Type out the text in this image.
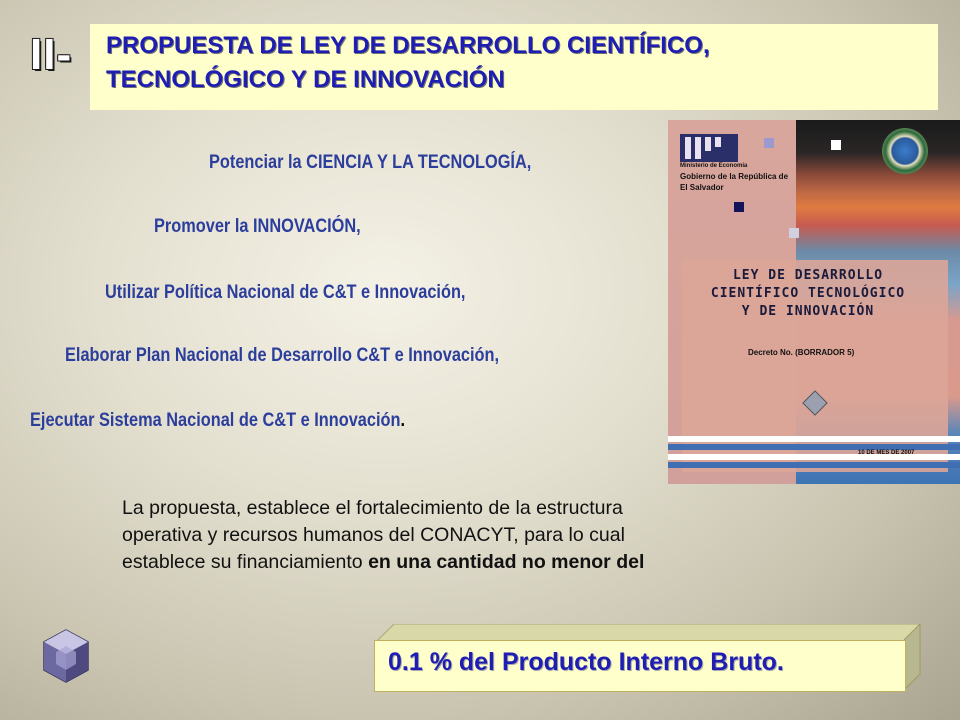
II- PROPUESTA DE LEY DE DESARROLLO CIENTÍFICO,
TECNOLÓGICO Y DE INNOVACIÓN
Potenciar la CIENCIA Y LA TECNOLOGÍA,
Promover la INNOVACIÓN,
Utilizar Política Nacional de C&T e Innovación,
Elaborar Plan Nacional de Desarrollo C&T e Innovación,
Ejecutar Sistema Nacional de C&T e Innovación.
Ministerio de Economía
Gobierno de la República de
El Salvador
LEY DE DESARROLLO
CIENTÍFICO TECNOLÓGICO
Y DE INNOVACIÓN
Decreto No. (BORRADOR 5)
10 DE MES DE 2007
La propuesta, establece el fortalecimiento de la estructura
operativa y recursos humanos del CONACYT, para lo cual
establece su financiamiento en una cantidad no menor del
0.1 % del Producto Interno Bruto.
